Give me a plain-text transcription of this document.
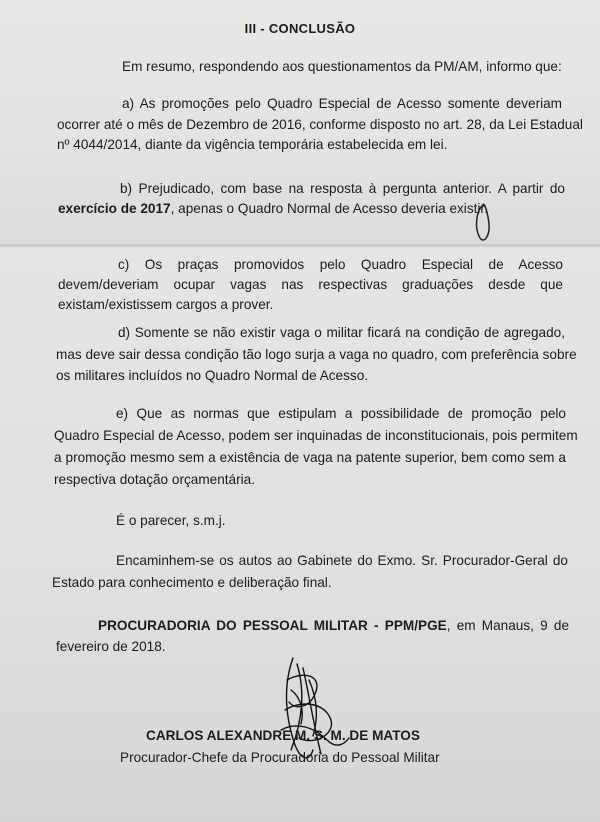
III - CONCLUSÃO
Em resumo, respondendo aos questionamentos da PM/AM, informo que:
a) As promoções pelo Quadro Especial de Acesso somente deveriam
ocorrer até o mês de Dezembro de 2016, conforme disposto no art. 28, da Lei Estadual
nº 4044/2014, diante da vigência temporária estabelecida em lei.
b) Prejudicado, com base na resposta à pergunta anterior. A partir do
exercício de 2017, apenas o Quadro Normal de Acesso deveria existir.
c) Os praças promovidos pelo Quadro Especial de Acesso
devem/deveriam ocupar vagas nas respectivas graduações desde que
existam/existissem cargos a prover.
d) Somente se não existir vaga o militar ficará na condição de agregado,
mas deve sair dessa condição tão logo surja a vaga no quadro, com preferência sobre
os militares incluídos no Quadro Normal de Acesso.
e) Que as normas que estipulam a possibilidade de promoção pelo
Quadro Especial de Acesso, podem ser inquinadas de inconstitucionais, pois permitem
a promoção mesmo sem a existência de vaga na patente superior, bem como sem a
respectiva dotação orçamentária.
É o parecer, s.m.j.
Encaminhem-se os autos ao Gabinete do Exmo. Sr. Procurador-Geral do
Estado para conhecimento e deliberação final.
PROCURADORIA DO PESSOAL MILITAR - PPM/PGE, em Manaus, 9 de
fevereiro de 2018.
CARLOS ALEXANDRE M. S. M. DE MATOS
Procurador-Chefe da Procuradoria do Pessoal Militar
